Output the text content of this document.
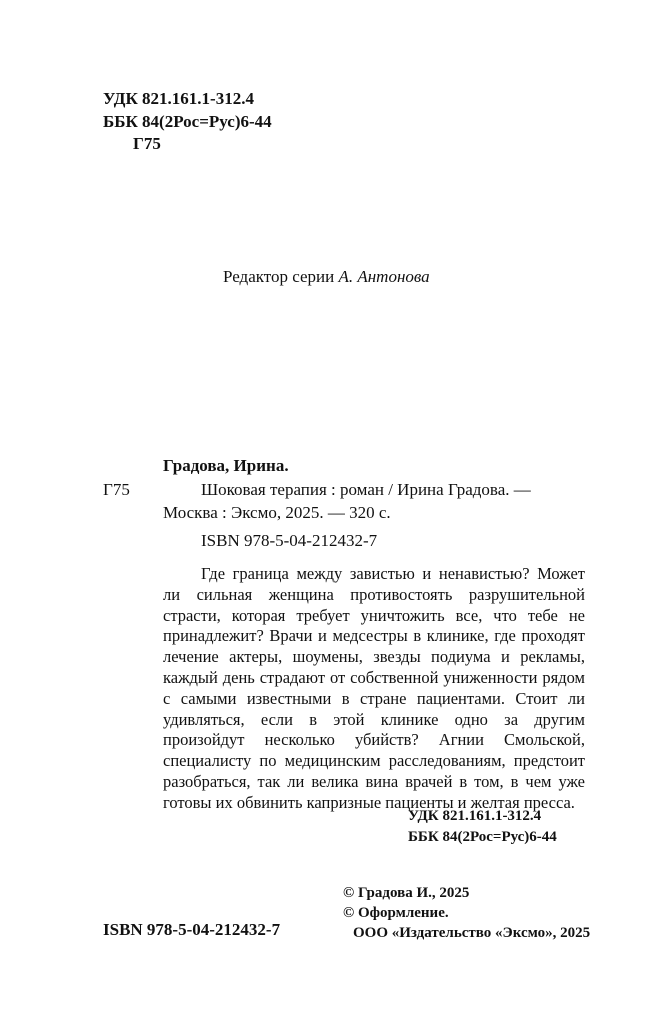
УДК 821.161.1-312.4
ББК 84(2Рос=Рус)6-44
Г75
Редактор серии А. Антонова
Градова, Ирина.
Г75	Шоковая терапия : роман / Ирина Градова. —
Москва : Эксмо, 2025. — 320 с.
ISBN 978-5-04-212432-7

Где граница между завистью и ненавистью? Может ли сильная женщина противостоять разрушительной страсти, которая требует уничтожить все, что тебе не принадлежит? Врачи и медсестры в клинике, где проходят лечение актеры, шоумены, звезды подиума и рекламы, каждый день страдают от собственной униженности рядом с самыми известными в стране пациентами. Стоит ли удивляться, если в этой клинике одно за другим произойдут несколько убийств? Агнии Смольской, специалисту по медицинским расследованиям, предстоит разобраться, так ли велика вина врачей в том, в чем уже готовы их обвинить капризные пациенты и желтая пресса.

УДК 821.161.1-312.4
ББК 84(2Рос=Рус)6-44
ISBN 978-5-04-212432-7
© Градова И., 2025
© Оформление.
ООО «Издательство «Эксмо», 2025
